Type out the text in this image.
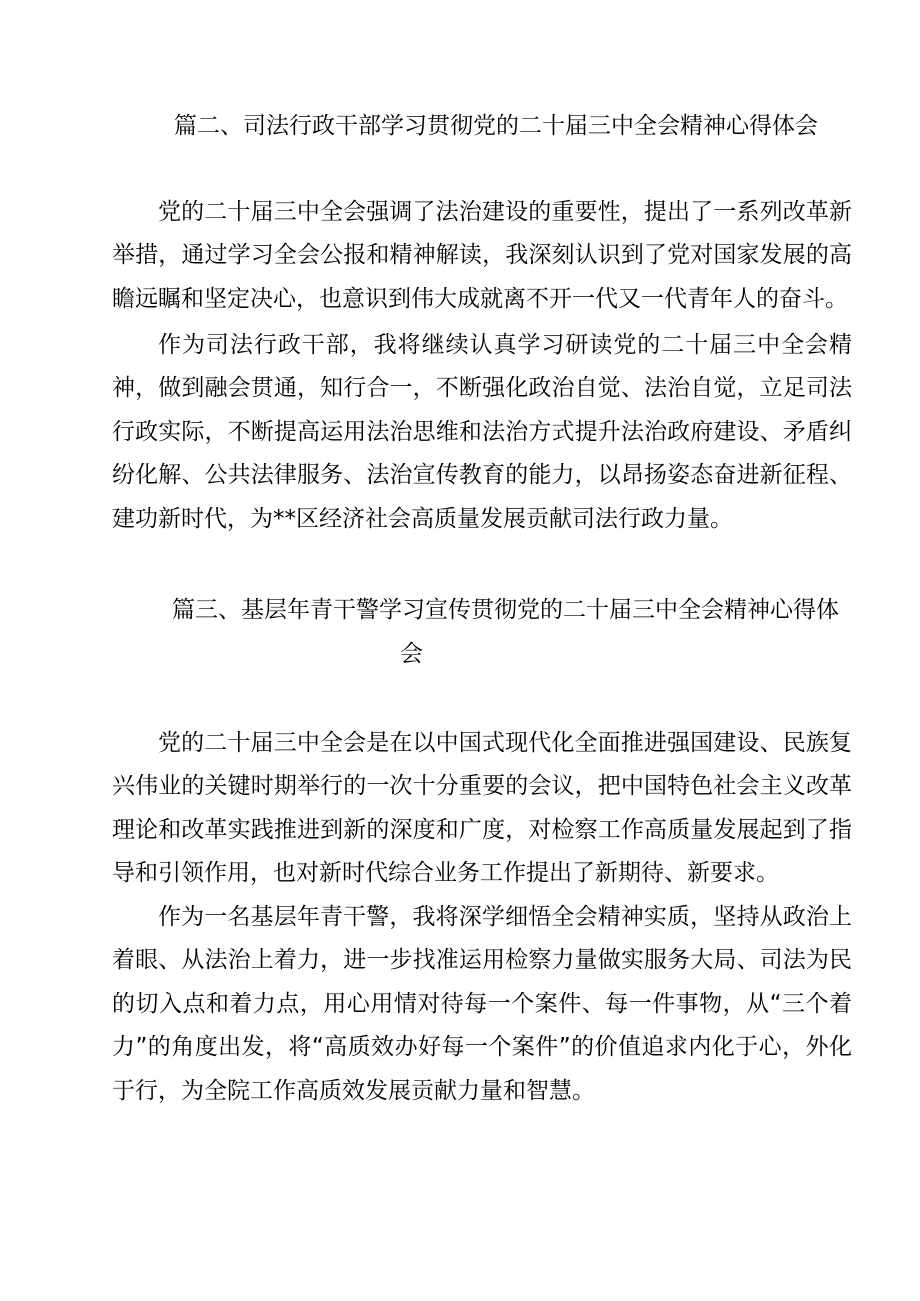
篇二、司法行政干部学习贯彻党的二十届三中全会精神心得体会
党的二十届三中全会强调了法治建设的重要性，提出了一系列改革新举措，通过学习全会公报和精神解读，我深刻认识到了党对国家发展的高瞻远瞩和坚定决心，也意识到伟大成就离不开一代又一代青年人的奋斗。
作为司法行政干部，我将继续认真学习研读党的二十届三中全会精神，做到融会贯通，知行合一，不断强化政治自觉、法治自觉，立足司法行政实际，不断提高运用法治思维和法治方式提升法治政府建设、矛盾纠纷化解、公共法律服务、法治宣传教育的能力，以昂扬姿态奋进新征程、建功新时代，为**区经济社会高质量发展贡献司法行政力量。
篇三、基层年青干警学习宣传贯彻党的二十届三中全会精神心得体
会
党的二十届三中全会是在以中国式现代化全面推进强国建设、民族复兴伟业的关键时期举行的一次十分重要的会议，把中国特色社会主义改革理论和改革实践推进到新的深度和广度，对检察工作高质量发展起到了指导和引领作用，也对新时代综合业务工作提出了新期待、新要求。
作为一名基层年青干警，我将深学细悟全会精神实质，坚持从政治上着眼、从法治上着力，进一步找准运用检察力量做实服务大局、司法为民的切入点和着力点，用心用情对待每一个案件、每一件事物，从“三个着力”的角度出发，将“高质效办好每一个案件”的价值追求内化于心，外化于行，为全院工作高质效发展贡献力量和智慧。
